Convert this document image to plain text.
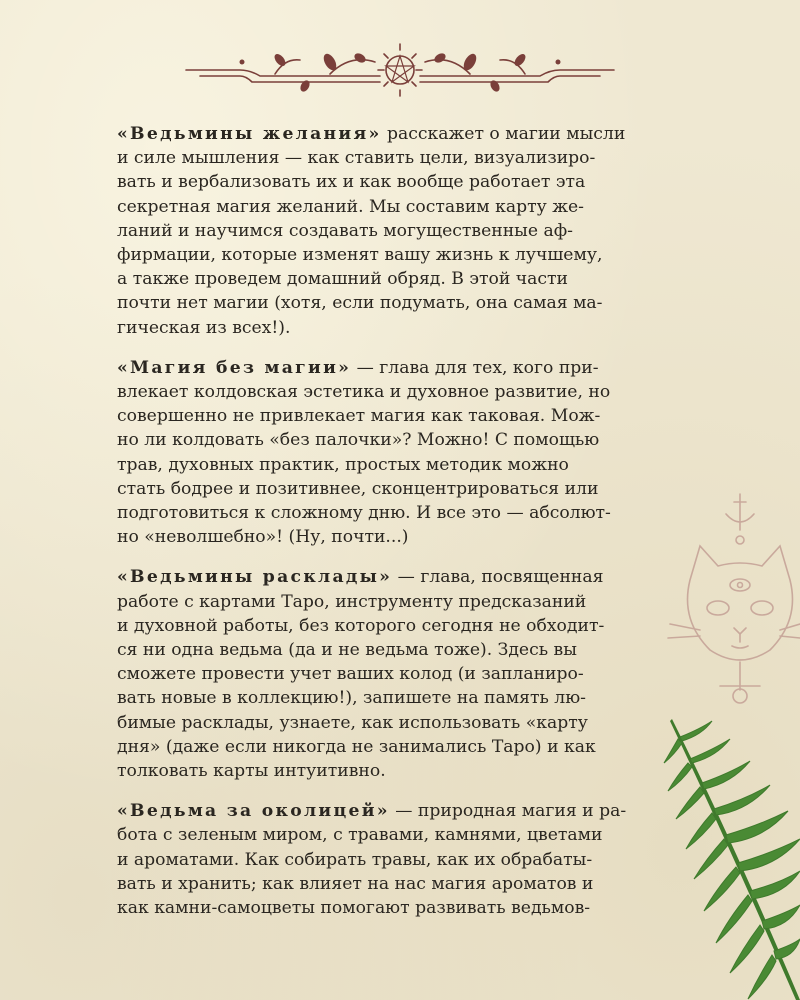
«Ведьмины желания» расскажет о магии мысли
и силе мышления — как ставить цели, визуализиро-
вать и вербализовать их и как вообще работает эта
секретная магия желаний. Мы составим карту же-
ланий и научимся создавать могущественные аф-
фирмации, которые изменят вашу жизнь к лучшему,
а также проведем домашний обряд. В этой части
почти нет магии (хотя, если подумать, она самая ма-
гическая из всех!).

«Магия без магии» — глава для тех, кого при-
влекает колдовская эстетика и духовное развитие, но
совершенно не привлекает магия как таковая. Мож-
но ли колдовать «без палочки»? Можно! С помощью
трав, духовных практик, простых методик можно
стать бодрее и позитивнее, сконцентрироваться или
подготовиться к сложному дню. И все это — абсолют-
но «неволшебно»! (Ну, почти...)

«Ведьмины расклады» — глава, посвященная
работе с картами Таро, инструменту предсказаний
и духовной работы, без которого сегодня не обходит-
ся ни одна ведьма (да и не ведьма тоже). Здесь вы
сможете провести учет ваших колод (и запланиро-
вать новые в коллекцию!), запишете на память лю-
бимые расклады, узнаете, как использовать «карту
дня» (даже если никогда не занимались Таро) и как
толковать карты интуитивно.

«Ведьма за околицей» — природная магия и ра-
бота с зеленым миром, с травами, камнями, цветами
и ароматами. Как собирать травы, как их обрабаты-
вать и хранить; как влияет на нас магия ароматов и
как камни-самоцветы помогают развивать ведьмов-
